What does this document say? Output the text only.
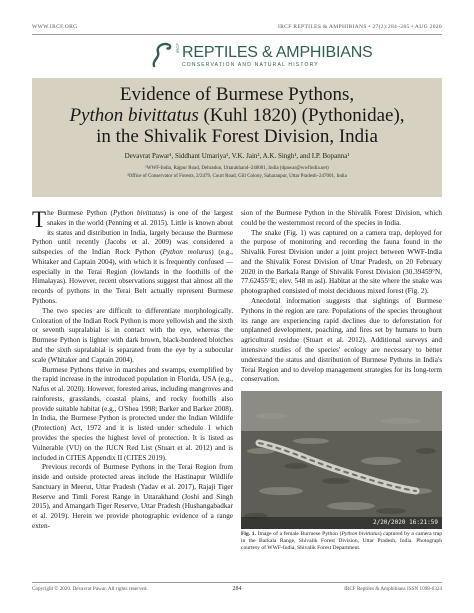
WWW.IRCF.ORG	IRCF REPTILES & AMPHIBIANS • 27(2):284–285 • AUG 2020
IRCF REPTILES & AMPHIBIANS
CONSERVATION AND NATURAL HISTORY
Evidence of Burmese Pythons,
Python bivittatus (Kuhl 1820) (Pythonidae),
in the Shivalik Forest Division, India
Devavrat Pawar¹, Siddhant Umariya¹, V.K. Jain², A.K. Singh¹, and I.P. Bopanna¹
¹WWF-India, Rajpur Road, Dehradun, Uttarakhand–248001, India (dpawar@wwfindia.net)
²Office of Conservator of Forests, 2/2479, Court Road, Gill Colony, Saharanpur, Uttar Pradesh–247001, India

The Burmese Python (Python bivittatus) is one of the largest snakes in the world (Penning et al. 2015). Little is known about its status and distribution in India, largely because the Burmese Python until recently (Jacobs et al. 2009) was considered a subspecies of the Indian Rock Python (Python molurus) (e.g., Whitaker and Captain 2004), with which it is frequently confused — especially in the Terai Region (lowlands in the foothills of the Himalayas). However, recent observations suggest that almost all the records of pythons in the Terai Belt actually represent Burmese Pythons.

The two species are difficult to differentiate morphologically. Coloration of the Indian Rock Python is more yellowish and the sixth or seventh supralabial is in contact with the eye, whereas the Burmese Python is lighter with dark brown, black-bordered blotches and the sixth supralabial is separated from the eye by a subocular scale (Whitaker and Captain 2004).

Burmese Pythons thrive in marshes and swamps, exemplified by the rapid increase in the introduced population in Florida, USA (e.g., Nafus et al. 2020). However, forested areas, including mangroves and rainforests, grasslands, coastal plains, and rocky foothills also provide suitable habitat (e.g., O'Shea 1998; Barker and Barker 2008). In India, the Burmese Python is protected under the Indian Wildlife (Protection) Act, 1972 and it is listed under schedule 1 which provides the species the highest level of protection. It is listed as Vulnerable (VU) on the IUCN Red List (Stuart et al. 2012) and is included in CITES Appendix II (CITES 2019).

Previous records of Burmese Pythons in the Terai Region from inside and outside protected areas include the Hastinapur Wildlife Sanctuary in Meerut, Uttar Pradesh (Yadav et al. 2017), Rajaji Tiger Reserve and Timli Forest Range in Uttarakhand (Joshi and Singh 2015), and Amangarh Tiger Reserve, Uttar Pradesh (Hushangabadkar et al. 2019). Herein we provide photographic evidence of a range exten-

sion of the Burmese Python in the Shivalik Forest Division, which could be the westernmost record of the species in India.

The snake (Fig. 1) was captured on a camera trap, deployed for the purpose of monitoring and recording the fauna found in the Shivalik Forest Division under a joint project between WWF-India and the Shivalik Forest Division of Uttar Pradesh, on 20 February 2020 in the Barkala Range of Shivalik Forest Division (30.39459°N, 77.62455°E; elev. 548 m asl). Habitat at the site where the snake was photographed consisted of moist deciduous mixed forest (Fig. 2).

Anecdotal information suggests that sightings of Burmese Pythons in the region are rare. Populations of the species throughout its range are experiencing rapid declines due to deforestation for unplanned development, poaching, and fires set by humans to burn agricultural residue (Stuart et al. 2012). Additional surveys and intensive studies of the species' ecology are necessary to better understand the status and distribution of Burmese Pythons in India's Terai Region and to develop management strategies for its long-term conservation.

2/20/2020 16:21:59
Fig. 1. Image of a female Burmese Python (Python bivittatus) captured by a camera trap in the Barkala Range, Shivalik Forest Division, Uttar Pradesh, India. Photograph courtesy of WWF-India, Shivalik Forest Department.
Copyright © 2020. Devavrat Pawar. All rights reserved.	284	IRCF Reptiles & Amphibians ISSN 1098-6324
